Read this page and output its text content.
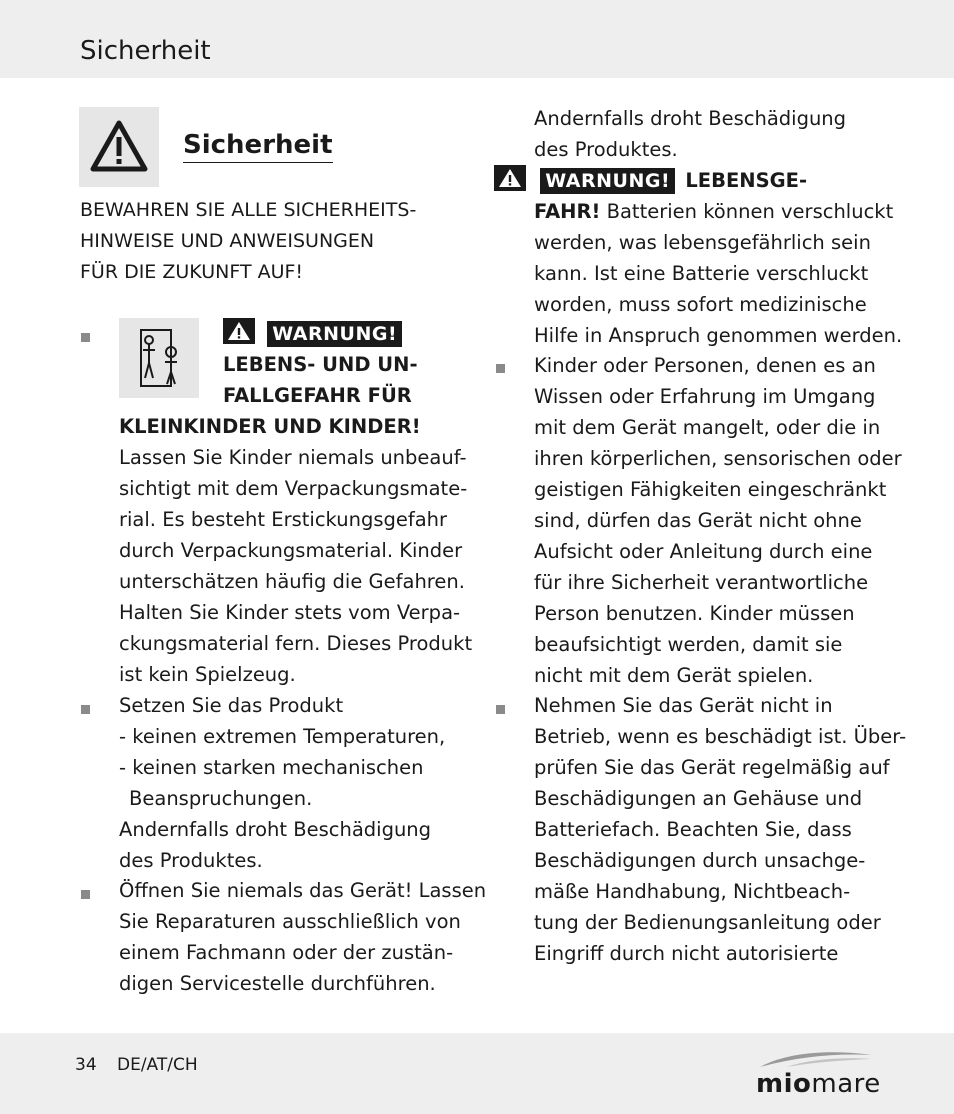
Sicherheit
Sicherheit
BEWAHREN SIE ALLE SICHERHEITS-
HINWEISE UND ANWEISUNGEN
FÜR DIE ZUKUNFT AUF!
WARNUNG!
LEBENS- UND UN-
FALLGEFAHR FÜR
KLEINKINDER UND KINDER!

Lassen Sie Kinder niemals unbeauf-

sichtigt mit dem Verpackungsmate-

rial. Es besteht Erstickungsgefahr

durch Verpackungsmaterial. Kinder

unterschätzen häufig die Gefahren.

Halten Sie Kinder stets vom Verpa-

ckungsmaterial fern. Dieses Produkt

ist kein Spielzeug.

Setzen Sie das Produkt

- keinen extremen Temperaturen,

- keinen starken mechanischen

Beanspruchungen.

Andernfalls droht Beschädigung

des Produktes.

Öffnen Sie niemals das Gerät! Lassen

Sie Reparaturen ausschließlich von

einem Fachmann oder der zustän-

digen Servicestelle durchführen.

Andernfalls droht Beschädigung

des Produktes.

WARNUNG! LEBENSGE-
FAHR! Batterien können verschluckt

werden, was lebensgefährlich sein

kann. Ist eine Batterie verschluckt

worden, muss sofort medizinische

Hilfe in Anspruch genommen werden.

Kinder oder Personen, denen es an

Wissen oder Erfahrung im Umgang

mit dem Gerät mangelt, oder die in

ihren körperlichen, sensorischen oder

geistigen Fähigkeiten eingeschränkt

sind, dürfen das Gerät nicht ohne

Aufsicht oder Anleitung durch eine

für ihre Sicherheit verantwortliche

Person benutzen. Kinder müssen

beaufsichtigt werden, damit sie

nicht mit dem Gerät spielen.

Nehmen Sie das Gerät nicht in

Betrieb, wenn es beschädigt ist. Über-

prüfen Sie das Gerät regelmäßig auf

Beschädigungen an Gehäuse und

Batteriefach. Beachten Sie, dass

Beschädigungen durch unsachge-

mäße Handhabung, Nichtbeach-

tung der Bedienungsanleitung oder

Eingriff durch nicht autorisierte

34 DE/AT/CH
miomare
